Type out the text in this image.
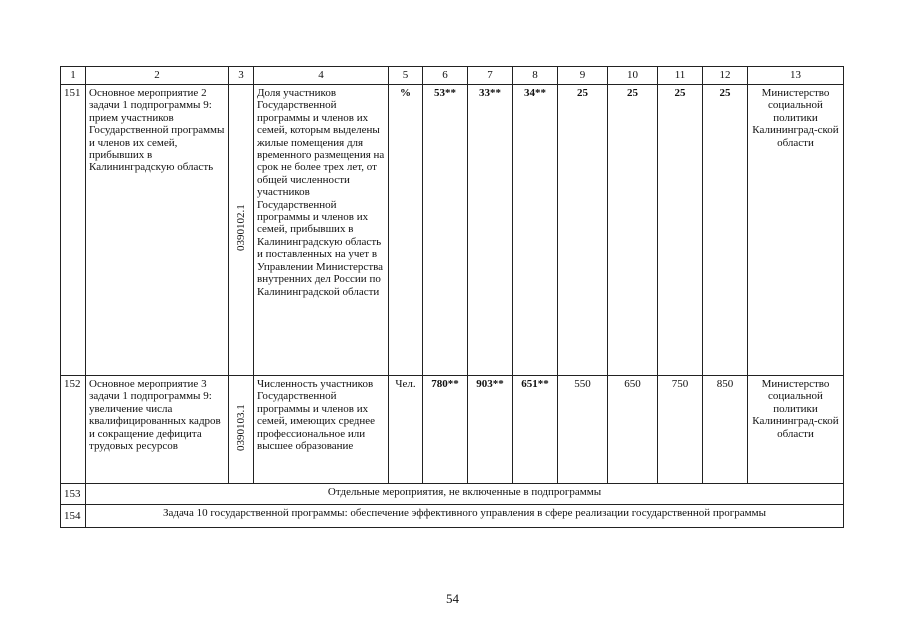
1	2	3	4	5	6	7	8	9	10	11	12	13
151	Основное мероприятие 2 задачи 1 подпрограммы 9: прием участников Государственной программы и членов их семей, прибывших в Калининградскую область	0390102.1	Доля участников Государственной программы и членов их семей, которым выделены жилые помещения для временного размещения на срок не более трех лет, от общей численности участников Государственной программы и членов их семей, прибывших в Калининградскую область и поставленных на учет в Управлении Министерства внутренних дел России по Калининградской области	%	53**	33**	34**	25	25	25	25	Министерство социальной политики Калининград-ской области
152	Основное мероприятие 3 задачи 1 подпрограммы 9: увеличение числа квалифицированных кадров и сокращение дефицита трудовых ресурсов	0390103.1	Численность участников Государственной программы и членов их семей, имеющих среднее профессиональное или высшее образование	Чел.	780**	903**	651**	550	650	750	850	Министерство социальной политики Калининград-ской области
153	Отдельные мероприятия, не включенные в подпрограммы											
154	Задача 10 государственной программы: обеспечение эффективного управления в сфере реализации государственной программы											
54
